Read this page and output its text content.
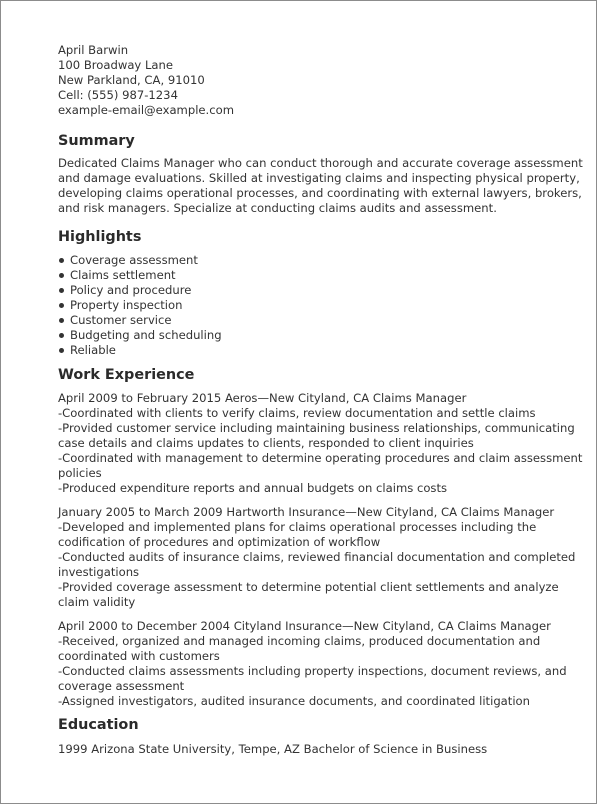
April Barwin
100 Broadway Lane
New Parkland, CA, 91010
Cell: (555) 987-1234
example-email@example.com
Summary

Dedicated Claims Manager who can conduct thorough and accurate coverage assessment and damage evaluations. Skilled at investigating claims and inspecting physical property, developing claims operational processes, and coordinating with external lawyers, brokers, and risk managers. Specialize at conducting claims audits and assessment.

Highlights
Coverage assessment
Claims settlement
Policy and procedure
Property inspection
Customer service
Budgeting and scheduling
Reliable
Work Experience
April 2009 to February 2015 Aeros—New Cityland, CA Claims Manager
-Coordinated with clients to verify claims, review documentation and settle claims
-Provided customer service including maintaining business relationships, communicating case details and claims updates to clients, responded to client inquiries
-Coordinated with management to determine operating procedures and claim assessment policies
-Produced expenditure reports and annual budgets on claims costs
January 2005 to March 2009 Hartworth Insurance—New Cityland, CA Claims Manager
-Developed and implemented plans for claims operational processes including the codification of procedures and optimization of workflow
-Conducted audits of insurance claims, reviewed financial documentation and completed investigations
-Provided coverage assessment to determine potential client settlements and analyze claim validity
April 2000 to December 2004 Cityland Insurance—New Cityland, CA Claims Manager
-Received, organized and managed incoming claims, produced documentation and coordinated with customers
-Conducted claims assessments including property inspections, document reviews, and coverage assessment
-Assigned investigators, audited insurance documents, and coordinated litigation
Education
1999 Arizona State University, Tempe, AZ Bachelor of Science in Business
